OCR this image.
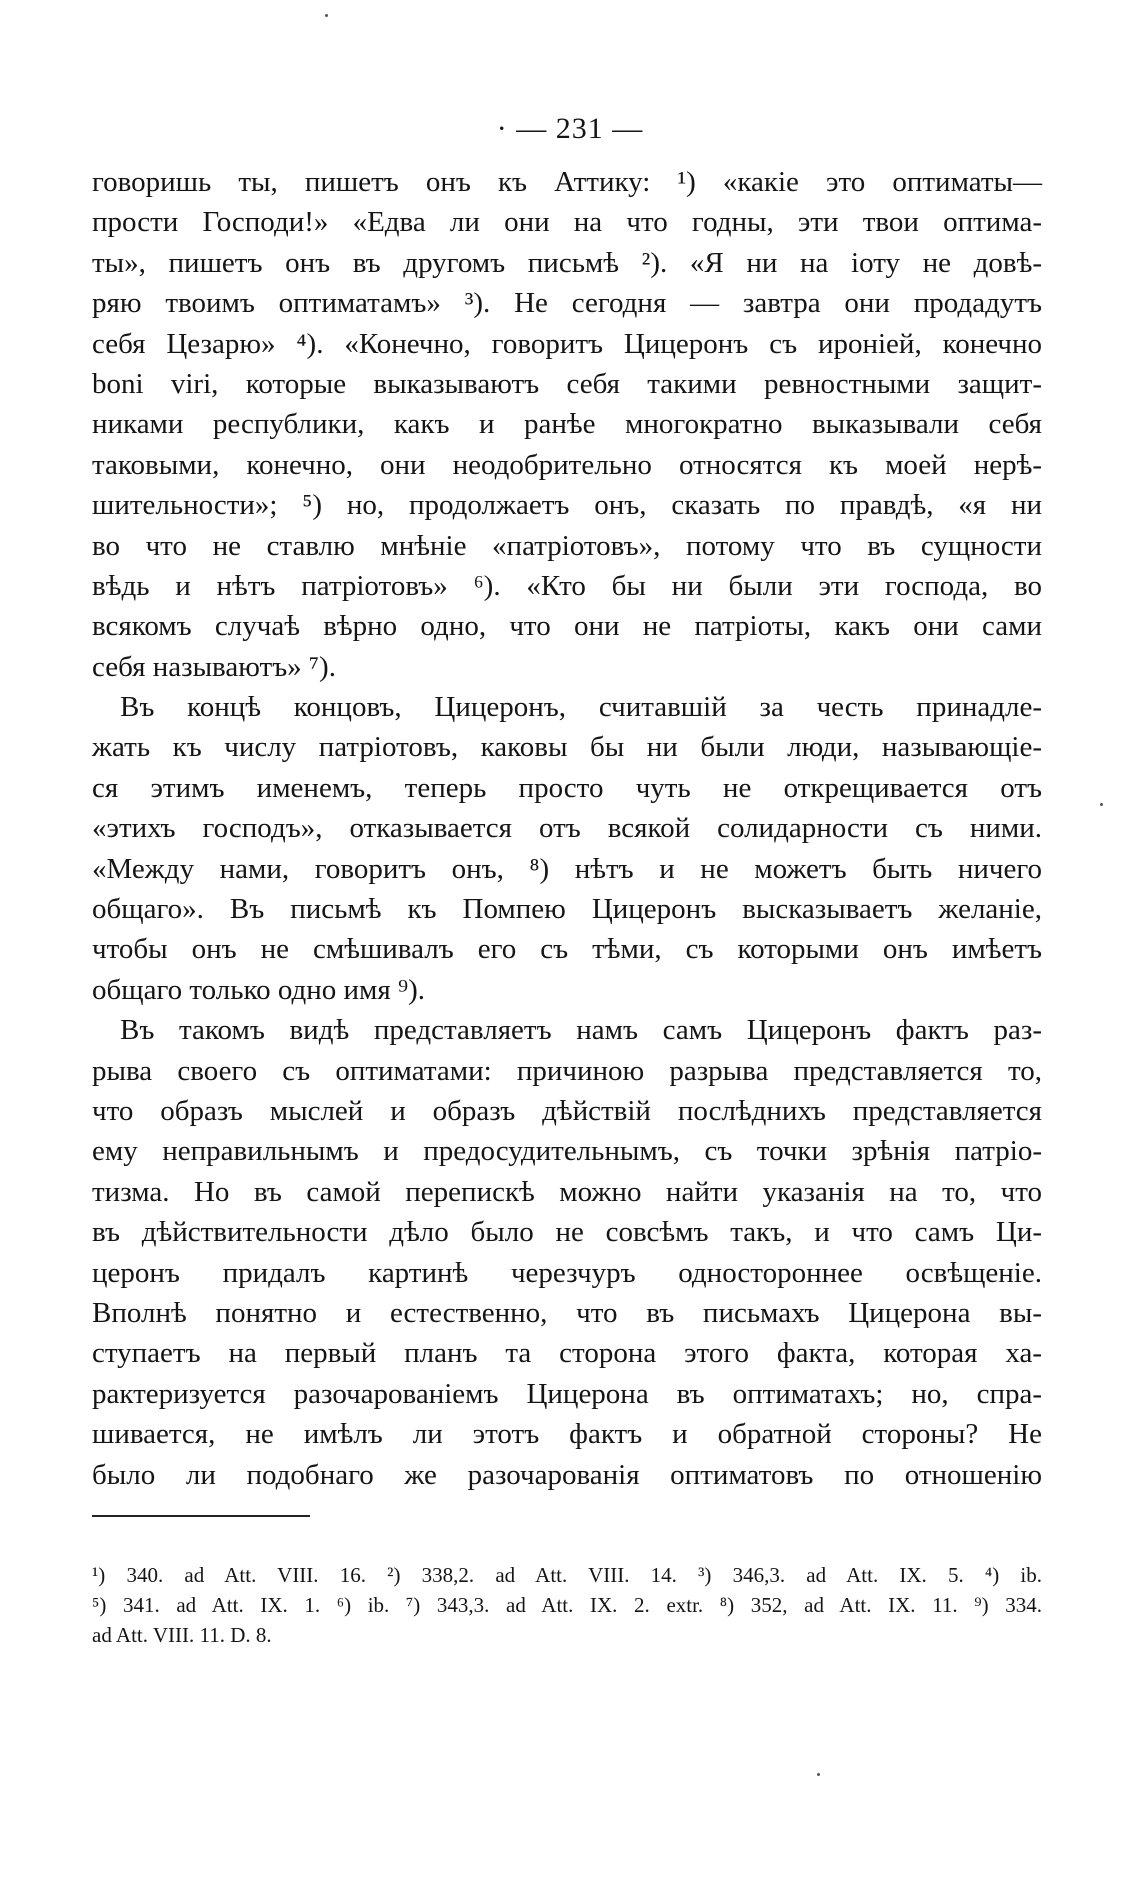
· — 231 —

говоришь ты, пишетъ онъ къ Аттику: ¹) «какіе это оптиматы—
прости Господи!» «Едва ли они на что годны, эти твои оптима-
ты», пишетъ онъ въ другомъ письмѣ ²). «Я ни на іоту не довѣ-
ряю твоимъ оптиматамъ» ³). Не сегодня — завтра они продадутъ
себя Цезарю» ⁴). «Конечно, говоритъ Цицеронъ съ иронiей, конечно
boni viri, которые выказываютъ себя такими ревностными защит-
никами республики, какъ и ранѣе многократно выказывали себя
таковыми, конечно, они неодобрительно относятся къ моей нерѣ-
шительности»; ⁵) но, продолжаетъ онъ, сказать по правдѣ, «я ни
во что не ставлю мнѣніе «патріотовъ», потому что въ сущности
вѣдь и нѣтъ патріотовъ» ⁶). «Кто бы ни были эти господа, во
всякомъ случаѣ вѣрно одно, что они не патріоты, какъ они сами
себя называютъ» ⁷).

Въ концѣ концовъ, Цицеронъ, считавшій за честь принадле-
жать къ числу патріотовъ, каковы бы ни были люди, называющіе-
ся этимъ именемъ, теперь просто чуть не открещивается отъ
«этихъ господъ», отказывается отъ всякой солидарности съ ними.
«Между нами, говоритъ онъ, ⁸) нѣтъ и не можетъ быть ничего
общаго». Въ письмѣ къ Помпею Цицеронъ высказываетъ желаніе,
чтобы онъ не смѣшивалъ его съ тѣми, съ которыми онъ имѣетъ
общаго только одно имя ⁹).

Въ такомъ видѣ представляетъ намъ самъ Цицеронъ фактъ раз-
рыва своего съ оптиматами: причиною разрыва представляется то,
что образъ мыслей и образъ дѣйствій послѣднихъ представляется
ему неправильнымъ и предосудительнымъ, съ точки зрѣнія патріо-
тизма. Но въ самой перепискѣ можно найти указанія на то, что
въ дѣйствительности дѣло было не совсѣмъ такъ, и что самъ Ци-
церонъ придалъ картинѣ черезчуръ одностороннее освѣщеніе.
Вполнѣ понятно и естественно, что въ письмахъ Цицерона вы-
ступаетъ на первый планъ та сторона этого факта, которая ха-
рактеризуется разочарованіемъ Цицерона въ оптиматахъ; но, спра-
шивается, не имѣлъ ли этотъ фактъ и обратной стороны? Не
было ли подобнаго же разочарованія оптиматовъ по отношенію

¹) 340. ad Att. VIII. 16. ²) 338,2. ad Att. VIII. 14. ³) 346,3. ad Att. IX. 5. ⁴) ib.
⁵) 341. ad Att. IX. 1. ⁶) ib. ⁷) 343,3. ad Att. IX. 2. extr. ⁸) 352, ad Att. IX. 11. ⁹) 334.
ad Att. VIII. 11. D. 8.
